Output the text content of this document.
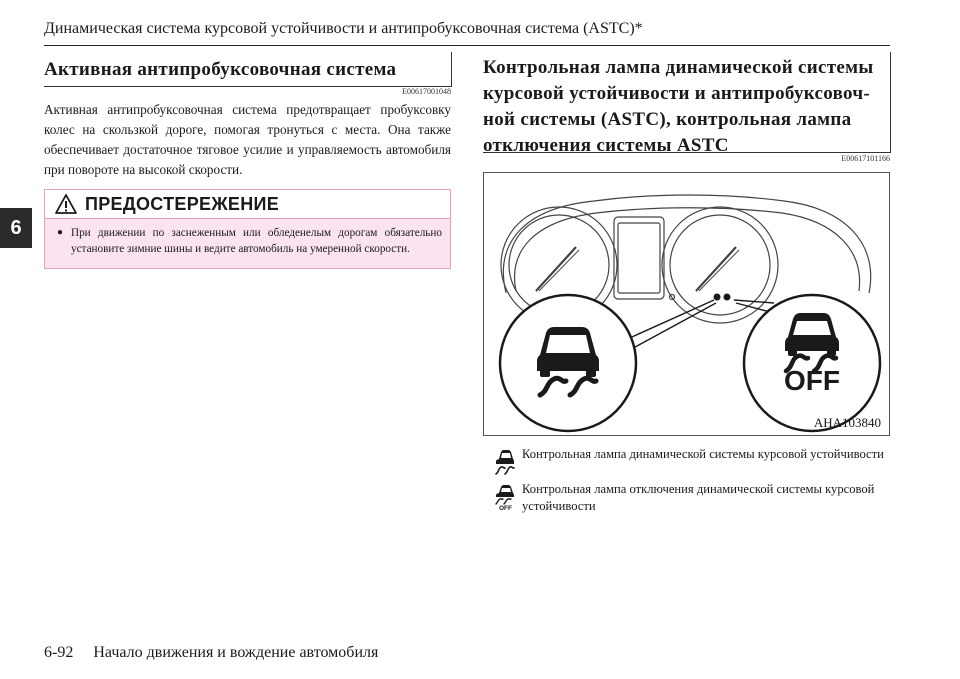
Динамическая система курсовой устойчивости и антипробуксовочная система (ASTC)*
6
Активная антипробуксовочная система
E00617001048
Активная антипробуксовочная система предотвращает пробуксовку колес на скользкой дороге, помогая тронуться с места. Она также обеспечивает достаточное тяговое усилие и управляемость автомобиля при повороте на высокой скорости.
ПРЕДОСТЕРЕЖЕНИЕ
● При движении по заснеженным или обледенелым дорогам обязательно установите зимние шины и ведите автомобиль на умеренной скорости.
Контрольная лампа динамической системы
курсовой устойчивости и антипробуксовоч-
ной системы (ASTC), контрольная лампа
отключения системы ASTC
E00617101166
OFF
AHA103840
Контрольная лампа динамической системы курсовой устойчивости
OFF
Контрольная лампа отключения динамической системы курсовой устойчивости
6-92 Начало движения и вождение автомобиля
